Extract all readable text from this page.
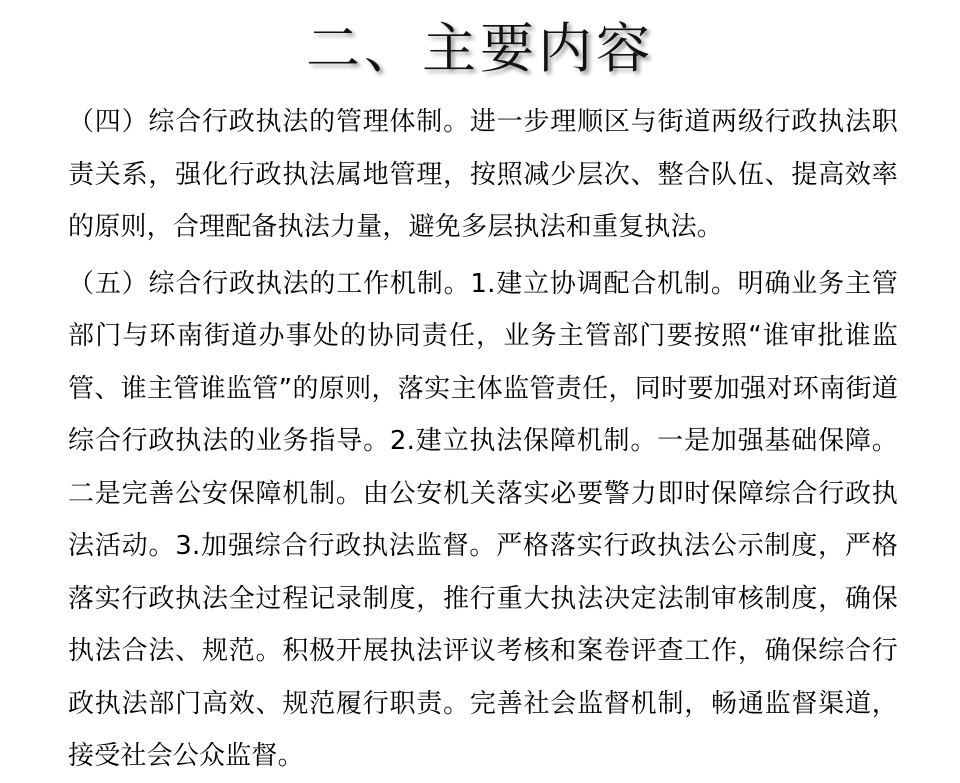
二、主要内容

（四）综合行政执法的管理体制。进一步理顺区与街道两级行政执法职责关系，强化行政执法属地管理，按照减少层次、整合队伍、提高效率的原则，合理配备执法力量，避免多层执法和重复执法。

（五）综合行政执法的工作机制。1.建立协调配合机制。明确业务主管部门与环南街道办事处的协同责任，业务主管部门要按照“谁审批谁监管、谁主管谁监管”的原则，落实主体监管责任，同时要加强对环南街道综合行政执法的业务指导。2.建立执法保障机制。一是加强基础保障。二是完善公安保障机制。由公安机关落实必要警力即时保障综合行政执法活动。3.加强综合行政执法监督。严格落实行政执法公示制度，严格落实行政执法全过程记录制度，推行重大执法决定法制审核制度，确保执法合法、规范。积极开展执法评议考核和案卷评查工作，确保综合行政执法部门高效、规范履行职责。完善社会监督机制，畅通监督渠道，接受社会公众监督。
